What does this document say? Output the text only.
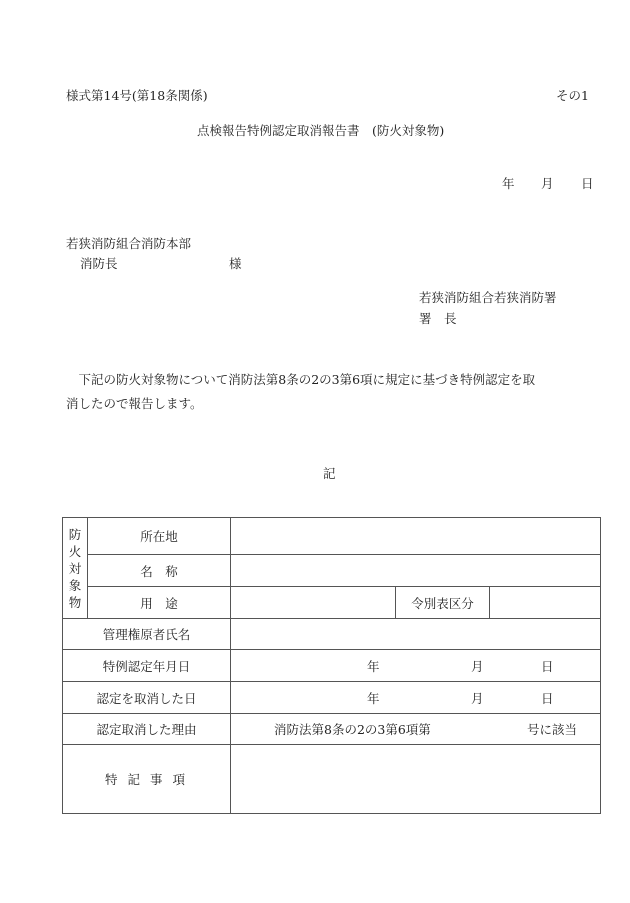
様式第14号(第18条関係)	その1
点検報告特例認定取消報告書　(防火対象物)
年 月 日
若狭消防組合消防本部
消防長	様
若狭消防組合若狭消防署
署　長

下記の防火対象物について消防法第8条の2の3第6項に規定に基づき特例認定を取

消したので報告します。
記
防
火
対
象
物	所在地			
	名　称			
	用　途		令別表区分	
管理権原者氏名				
特例認定年月日		年 月 日		

認定を取消した日		年 月 日		

認定取消した理由		消防法第8条の2の3第6項第 号に該当		

特 記 事 項				
